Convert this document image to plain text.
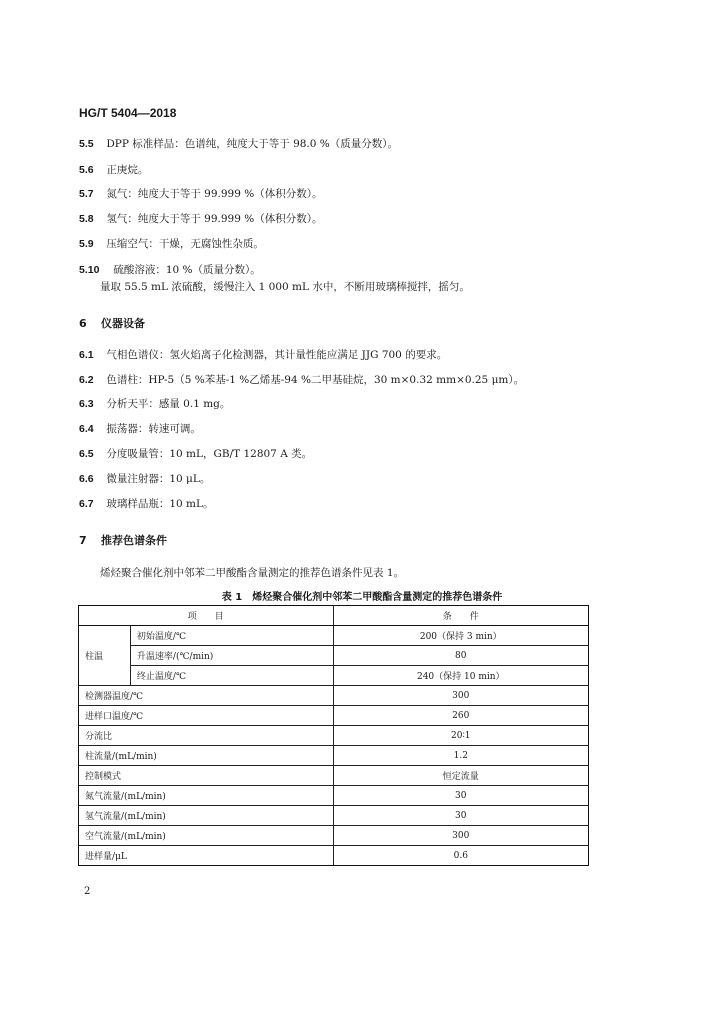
HG/T 5404—2018
5.5 DPP 标准样品：色谱纯，纯度大于等于 98.0 %（质量分数）。
5.6 正庚烷。
5.7 氮气：纯度大于等于 99.999 %（体积分数）。
5.8 氢气：纯度大于等于 99.999 %（体积分数）。
5.9 压缩空气：干燥，无腐蚀性杂质。
5.10 硫酸溶液：10 %（质量分数）。
量取 55.5 mL 浓硫酸，缓慢注入 1 000 mL 水中，不断用玻璃棒搅拌，摇匀。
6 仪器设备
6.1 气相色谱仪：氢火焰离子化检测器，其计量性能应满足 JJG 700 的要求。
6.2 色谱柱：HP-5（5 %苯基-1 %乙烯基-94 %二甲基硅烷，30 m×0.32 mm×0.25 μm）。
6.3 分析天平：感量 0.1 mg。
6.4 振荡器：转速可调。
6.5 分度吸量管：10 mL，GB/T 12807 A 类。
6.6 微量注射器：10 μL。
6.7 玻璃样品瓶：10 mL。
7 推荐色谱条件
烯烃聚合催化剂中邻苯二甲酸酯含量测定的推荐色谱条件见表 1。
表 1　烯烃聚合催化剂中邻苯二甲酸酯含量测定的推荐色谱条件
项　　目		条　　件
柱温	初始温度/℃	200（保持 3 min）
	升温速率/(℃/min)	80
	终止温度/℃	240（保持 10 min）
检测器温度/℃		300
进样口温度/℃		260
分流比		20∶1
柱流量/(mL/min)		1.2
控制模式		恒定流量
氮气流量/(mL/min)		30
氢气流量/(mL/min)		30
空气流量/(mL/min)		300
进样量/μL		0.6
2
